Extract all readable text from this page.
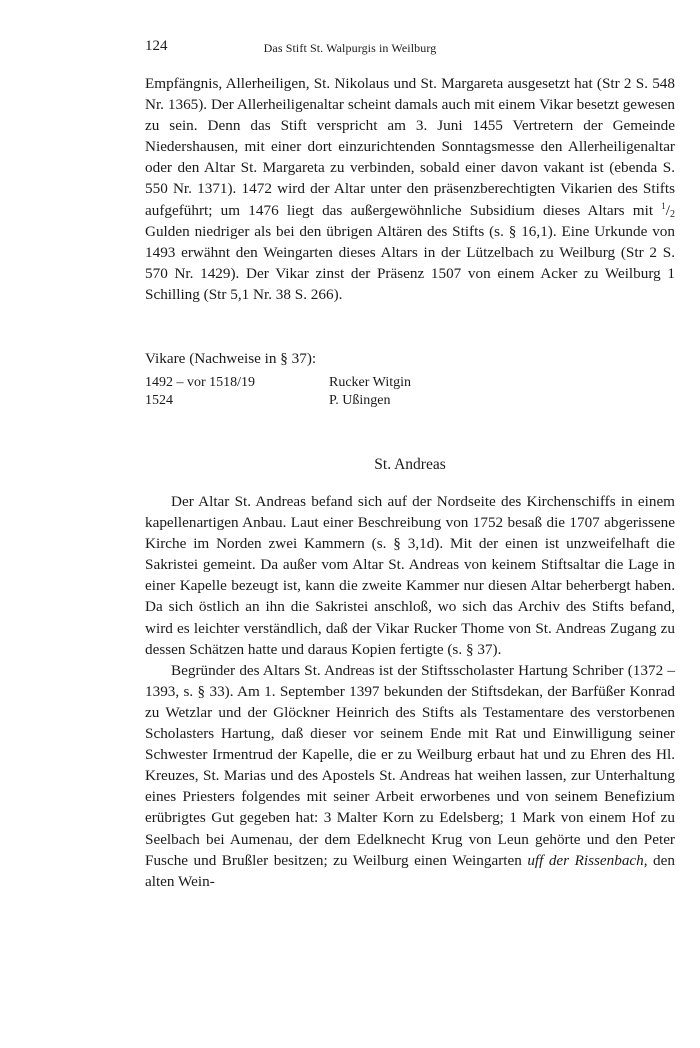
124	Das Stift St. Walpurgis in Weilburg

Empfängnis, Allerheiligen, St. Nikolaus und St. Margareta ausgesetzt hat (Str 2 S. 548 Nr. 1365). Der Allerheiligenaltar scheint damals auch mit einem Vikar besetzt gewesen zu sein. Denn das Stift verspricht am 3. Juni 1455 Vertretern der Gemeinde Niedershausen, mit einer dort einzurichtenden Sonntagsmesse den Allerheiligenaltar oder den Altar St. Margareta zu verbinden, sobald einer davon vakant ist (ebenda S. 550 Nr. 1371). 1472 wird der Altar unter den präsenzberechtigten Vikarien des Stifts aufgeführt; um 1476 liegt das außergewöhnliche Subsidium dieses Altars mit $^1/_2$ Gulden niedriger als bei den übrigen Altären des Stifts (s. § 16,1). Eine Urkunde von 1493 erwähnt den Weingarten dieses Altars in der Lützelbach zu Weilburg (Str 2 S. 570 Nr. 1429). Der Vikar zinst der Präsenz 1507 von einem Acker zu Weilburg 1 Schilling (Str 5,1 Nr. 38 S. 266).

Vikare (Nachweise in § 37):

1492 – vor 1518/19	Rucker Witgin
1524	P. Ußingen
St. Andreas

Der Altar St. Andreas befand sich auf der Nordseite des Kirchenschiffs in einem kapellenartigen Anbau. Laut einer Beschreibung von 1752 besaß die 1707 abgerissene Kirche im Norden zwei Kammern (s. § 3,1d). Mit der einen ist unzweifelhaft die Sakristei gemeint. Da außer vom Altar St. Andreas von keinem Stiftsaltar die Lage in einer Kapelle bezeugt ist, kann die zweite Kammer nur diesen Altar beherbergt haben. Da sich östlich an ihn die Sakristei anschloß, wo sich das Archiv des Stifts befand, wird es leichter verständlich, daß der Vikar Rucker Thome von St. Andreas Zugang zu dessen Schätzen hatte und daraus Kopien fertigte (s. § 37).

Begründer des Altars St. Andreas ist der Stiftsscholaster Hartung Schriber (1372 – 1393, s. § 33). Am 1. September 1397 bekunden der Stiftsdekan, der Barfüßer Konrad zu Wetzlar und der Glöckner Heinrich des Stifts als Testamentare des verstorbenen Scholasters Hartung, daß dieser vor seinem Ende mit Rat und Einwilligung seiner Schwester Irmentrud der Kapelle, die er zu Weilburg erbaut hat und zu Ehren des Hl. Kreuzes, St. Marias und des Apostels St. Andreas hat weihen lassen, zur Unterhaltung eines Priesters folgendes mit seiner Arbeit erworbenes und von seinem Benefizium erübrigtes Gut gegeben hat: 3 Malter Korn zu Edelsberg; 1 Mark von einem Hof zu Seelbach bei Aumenau, der dem Edelknecht Krug von Leun gehörte und den Peter Fusche und Brußler besitzen; zu Weilburg einen Weingarten uff der Rissenbach, den alten Wein-
